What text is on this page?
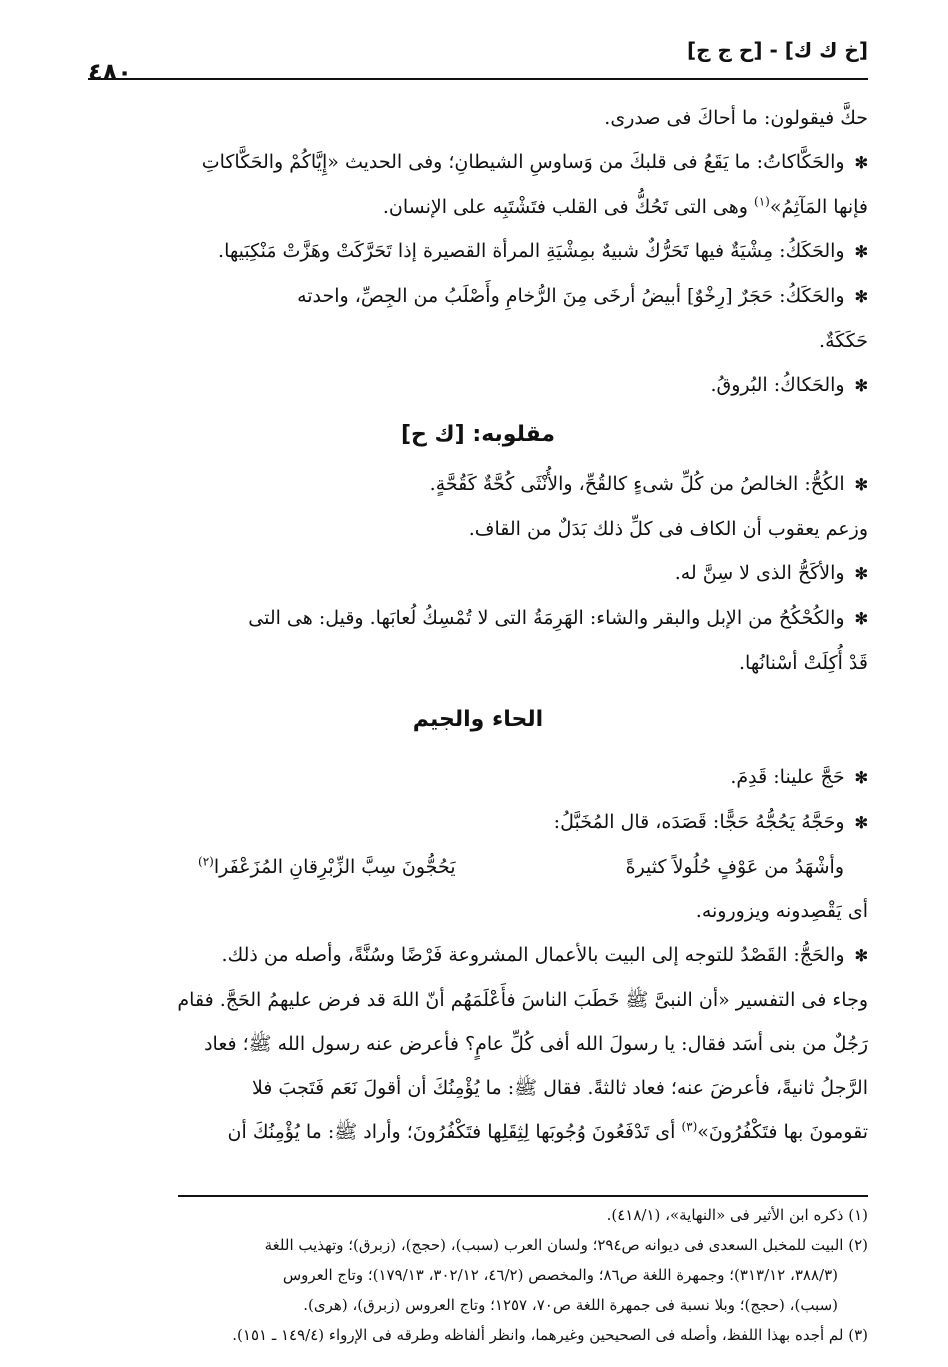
[خ ك ك] - [ح ج ج]
٤٨٠

حكَّ فيقولون: ما أحاكَ فى صدرى.

✻ والحَكَّاكاتُ: ما يَقَعُ فى قلبكَ من وَساوسِ الشيطانِ؛ وفى الحديث «إِيَّاكُمْ والحَكَّاكاتِ

فإنها المَآثِمُ»$^{(١)}$ وهى التى تَحُكُّ فى القلب فتَشْتَبِه على الإنسان.

✻ والحَكَكُ: مِشْيَةٌ فيها تَحَرُّكٌ شبيهٌ بمِشْيَةِ المرأة القصيرة إذا تَحَرَّكَتْ وهَزَّتْ مَنْكِبَيها.

✻ والحَكَكُ: حَجَرٌ [رِخْوٌ] أبيضُ أرخَى مِنَ الرُّخامِ وأَصْلَبُ من الجِصِّ، واحدته

حَكَكَةٌ.

✻ والحَكاكُ: البُروقُ.

مقلوبه: [ك ح]

✻ الكُحُّ: الخالصُ من كُلِّ شىءٍ كالقُحِّ، والأُنْثَى كُحَّةٌ كَقُحَّةٍ.

وزعم يعقوب أن الكاف فى كلِّ ذلك بَدَلٌ من القاف.

✻ والأكَحُّ الذى لا سِنَّ له.

✻ والكُحْكُحُ من الإبل والبقر والشاء: الهَرِمَةُ التى لا تُمْسِكُ لُعابَها. وقيل: هى التى

قَدْ أُكِلَتْ أسْنانُها.

الحاء والجيم

✻ حَجَّ علينا: قَدِمَ.

✻ وحَجَّهُ يَحُجُّهُ حَجًّا: قَصَدَه، قال المُخَبَّلُ:

وأشْهَدُ من عَوْفٍ حُلُولاً كثيرةً
يَحُجُّونَ سِبَّ الزِّبْرِقانِ المُزَعْفَرا$^{(٢)}$

أى يَقْصِدونه ويزورونه.

✻ والحَجُّ: القَصْدُ للتوجه إلى البيت بالأعمال المشروعة فَرْضًا وسُنَّةً، وأصله من ذلك.

وجاء فى التفسير «أن النبىَّ ﷺ خَطَبَ الناسَ فأَعْلَمَهُم أنّ اللهَ قد فرض عليهمُ الحَجَّ. فقام

رَجُلٌ من بنى أسَد فقال: يا رسولَ الله أفى كُلِّ عامٍ؟ فأعرض عنه رسول الله ﷺ؛ فعاد

الرَّجلُ ثانيةً، فأعرضَ عنه؛ فعاد ثالثةً. فقال ﷺ: ما يُؤْمِنُكَ أن أقولَ نَعَم فَتَجبَ فلا

تقومونَ بها فتَكْفُرُونَ»$^{(٣)}$ أى تَدْفَعُونَ وُجُوبَها لِثِقَلِها فتَكْفُرُونَ؛ وأراد ﷺ: ما يُؤْمِنُكَ أن

(١) ذكره ابن الأثير فى «النهاية»، (٤١٨/١).

(٢) البيت للمخبل السعدى فى ديوانه ص٢٩٤؛ ولسان العرب (سبب)، (حجج)، (زبرق)؛ وتهذيب اللغة

(٣٨٨/٣، ٣١٣/١٢)؛ وجمهرة اللغة ص٨٦؛ والمخصص (٤٦/٢، ٣٠٢/١٢، ١٧٩/١٣)؛ وتاج العروس

(سبب)، (حجج)؛ وبلا نسبة فى جمهرة اللغة ص٧٠، ١٢٥٧؛ وتاج العروس (زبرق)، (هرى).

(٣) لم أجده بهذا اللفظ، وأصله فى الصحيحين وغيرهما، وانظر ألفاظه وطرقه فى الإرواء (١٤٩/٤ ـ ١٥١).
